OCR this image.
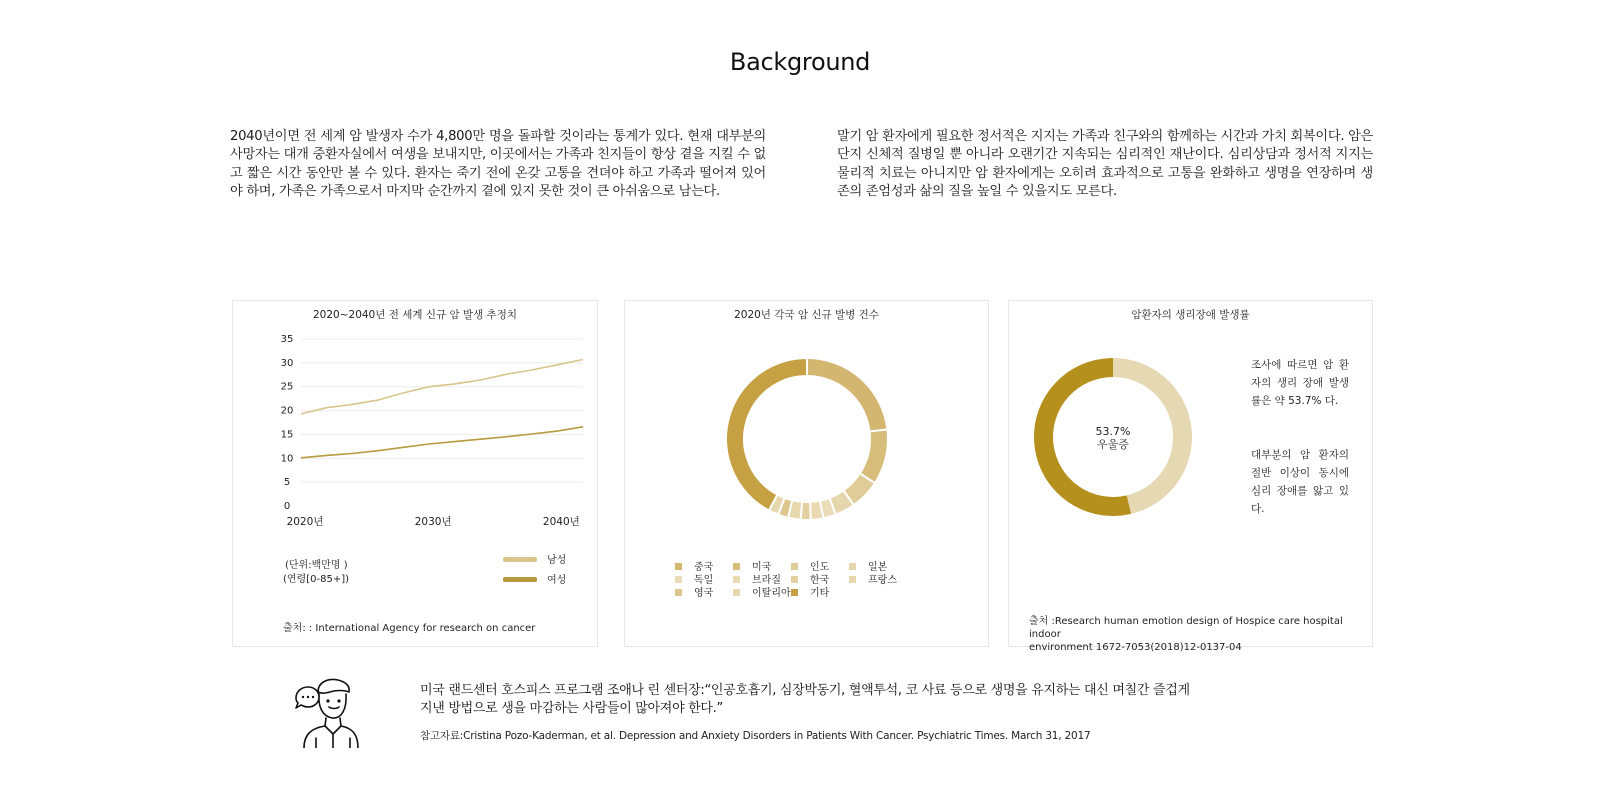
Background
2040년이면 전 세계 암 발생자 수가 4,800만 명을 돌파할 것이라는 통계가 있다. 현재 대부분의 사망자는 대개 중환자실에서 여생을 보내지만, 이곳에서는 가족과 친지들이 항상 곁을 지킬 수 없고 짧은 시간 동안만 볼 수 있다. 환자는 죽기 전에 온갖 고통을 견뎌야 하고 가족과 떨어져 있어야 하며, 가족은 가족으로서 마지막 순간까지 곁에 있지 못한 것이 큰 아쉬움으로 남는다.
말기 암 환자에게 필요한 정서적은 지지는 가족과 친구와의 함께하는 시간과 가치 회복이다. 암은 단지 신체적 질병일 뿐 아니라 오랜기간 지속되는 심리적인 재난이다. 심리상담과 정서적 지지는 물리적 치료는 아니지만 암 환자에게는 오히려 효과적으로 고통을 완화하고 생명을 연장하며 생존의 존엄성과 삶의 질을 높일 수 있을지도 모른다.
2020~2040년 전 세계 신규 암 발생 추정치
0
5
10
15
20
25
30
35
2020년	2030년	2040년
(단위:백만명 )
(연령[0-85+])
남성
여성
출처: : International Agency for research on cancer
2020년 각국 암 신규 발병 건수
중국	미국	인도	일본
독일	브라질	한국	프랑스
영국	이탈리아	기타
암환자의 생리장애 발생률
53.7%
우울증
조사에 따르면 암 환자의 생리 장애 발생률은 약 53.7% 다.
대부분의 암 환자의 절반 이상이 동시에 심리 장애를 앓고 있다.
출처 :Research human emotion design of Hospice care hospital indoor
environment 1672-7053(2018)12-0137-04
미국 랜드센터 호스피스 프로그램 조애나 린 센터장:“인공호흡기, 심장박동기, 혈액투석, 코 사료 등으로 생명을 유지하는 대신 며칠간 즐겁게 지낸 방법으로 생을 마감하는 사람들이 많아져야 한다.”
참고자료:Cristina Pozo-Kaderman, et al. Depression and Anxiety Disorders in Patients With Cancer. Psychiatric Times. March 31, 2017
